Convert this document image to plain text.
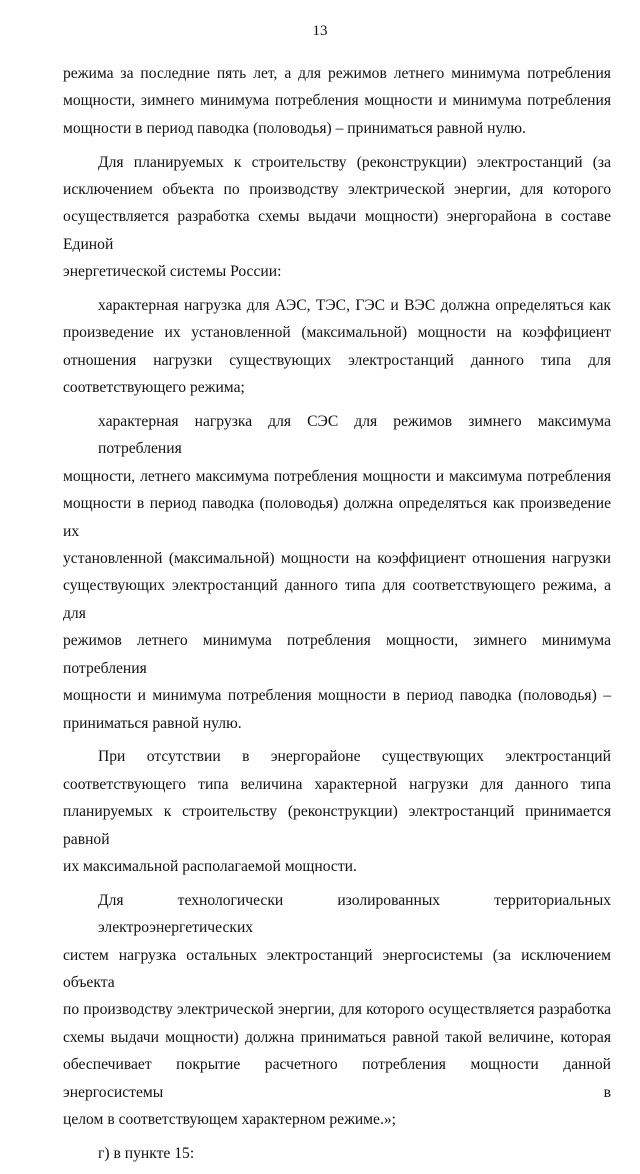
13
режима за последние пять лет, а для режимов летнего минимума потребления
мощности, зимнего минимума потребления мощности и минимума потребления
мощности в период паводка (половодья) – приниматься равной нулю.
Для планируемых к строительству (реконструкции) электростанций (за
исключением объекта по производству электрической энергии, для которого
осуществляется разработка схемы выдачи мощности) энергорайона в составе Единой
энергетической системы России:
характерная нагрузка для АЭС, ТЭС, ГЭС и ВЭС должна определяться как
произведение их установленной (максимальной) мощности на коэффициент
отношения нагрузки существующих электростанций данного типа для
соответствующего режима;
характерная нагрузка для СЭС для режимов зимнего максимума потребления
мощности, летнего максимума потребления мощности и максимума потребления
мощности в период паводка (половодья) должна определяться как произведение их
установленной (максимальной) мощности на коэффициент отношения нагрузки
существующих электростанций данного типа для соответствующего режима, а для
режимов летнего минимума потребления мощности, зимнего минимума потребления
мощности и минимума потребления мощности в период паводка (половодья) –
приниматься равной нулю.
При отсутствии в энергорайоне существующих электростанций
соответствующего типа величина характерной нагрузки для данного типа
планируемых к строительству (реконструкции) электростанций принимается равной
их максимальной располагаемой мощности.
Для технологически изолированных территориальных электроэнергетических
систем нагрузка остальных электростанций энергосистемы (за исключением объекта
по производству электрической энергии, для которого осуществляется разработка
схемы выдачи мощности) должна приниматься равной такой величине, которая
обеспечивает покрытие расчетного потребления мощности данной энергосистемы в
целом в соответствующем характерном режиме.»;
г) в пункте 15:
